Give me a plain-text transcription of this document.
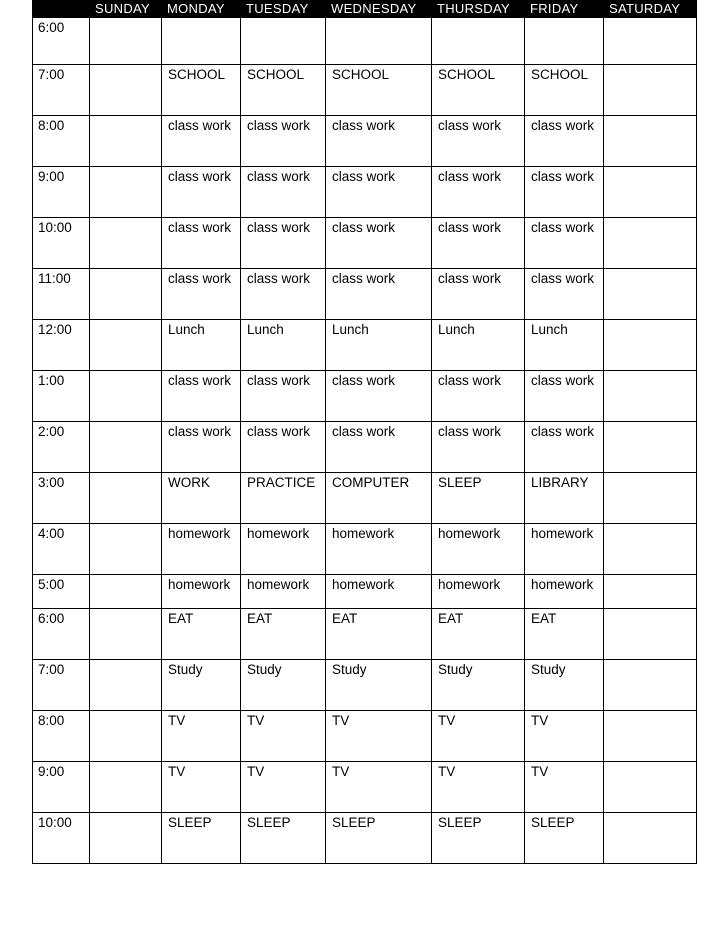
	SUNDAY	MONDAY	TUESDAY	WEDNESDAY	THURSDAY	FRIDAY	SATURDAY
6:00							
7:00		SCHOOL	SCHOOL	SCHOOL	SCHOOL	SCHOOL	
8:00		class work	class work	class work	class work	class work	
9:00		class work	class work	class work	class work	class work	
10:00		class work	class work	class work	class work	class work	
11:00		class work	class work	class work	class work	class work	
12:00		Lunch	Lunch	Lunch	Lunch	Lunch	
1:00		class work	class work	class work	class work	class work	
2:00		class work	class work	class work	class work	class work	
3:00		WORK	PRACTICE	COMPUTER	SLEEP	LIBRARY	
4:00		homework	homework	homework	homework	homework	
5:00		homework	homework	homework	homework	homework	
6:00		EAT	EAT	EAT	EAT	EAT	
7:00		Study	Study	Study	Study	Study	
8:00		TV	TV	TV	TV	TV	
9:00		TV	TV	TV	TV	TV	
10:00		SLEEP	SLEEP	SLEEP	SLEEP	SLEEP	
